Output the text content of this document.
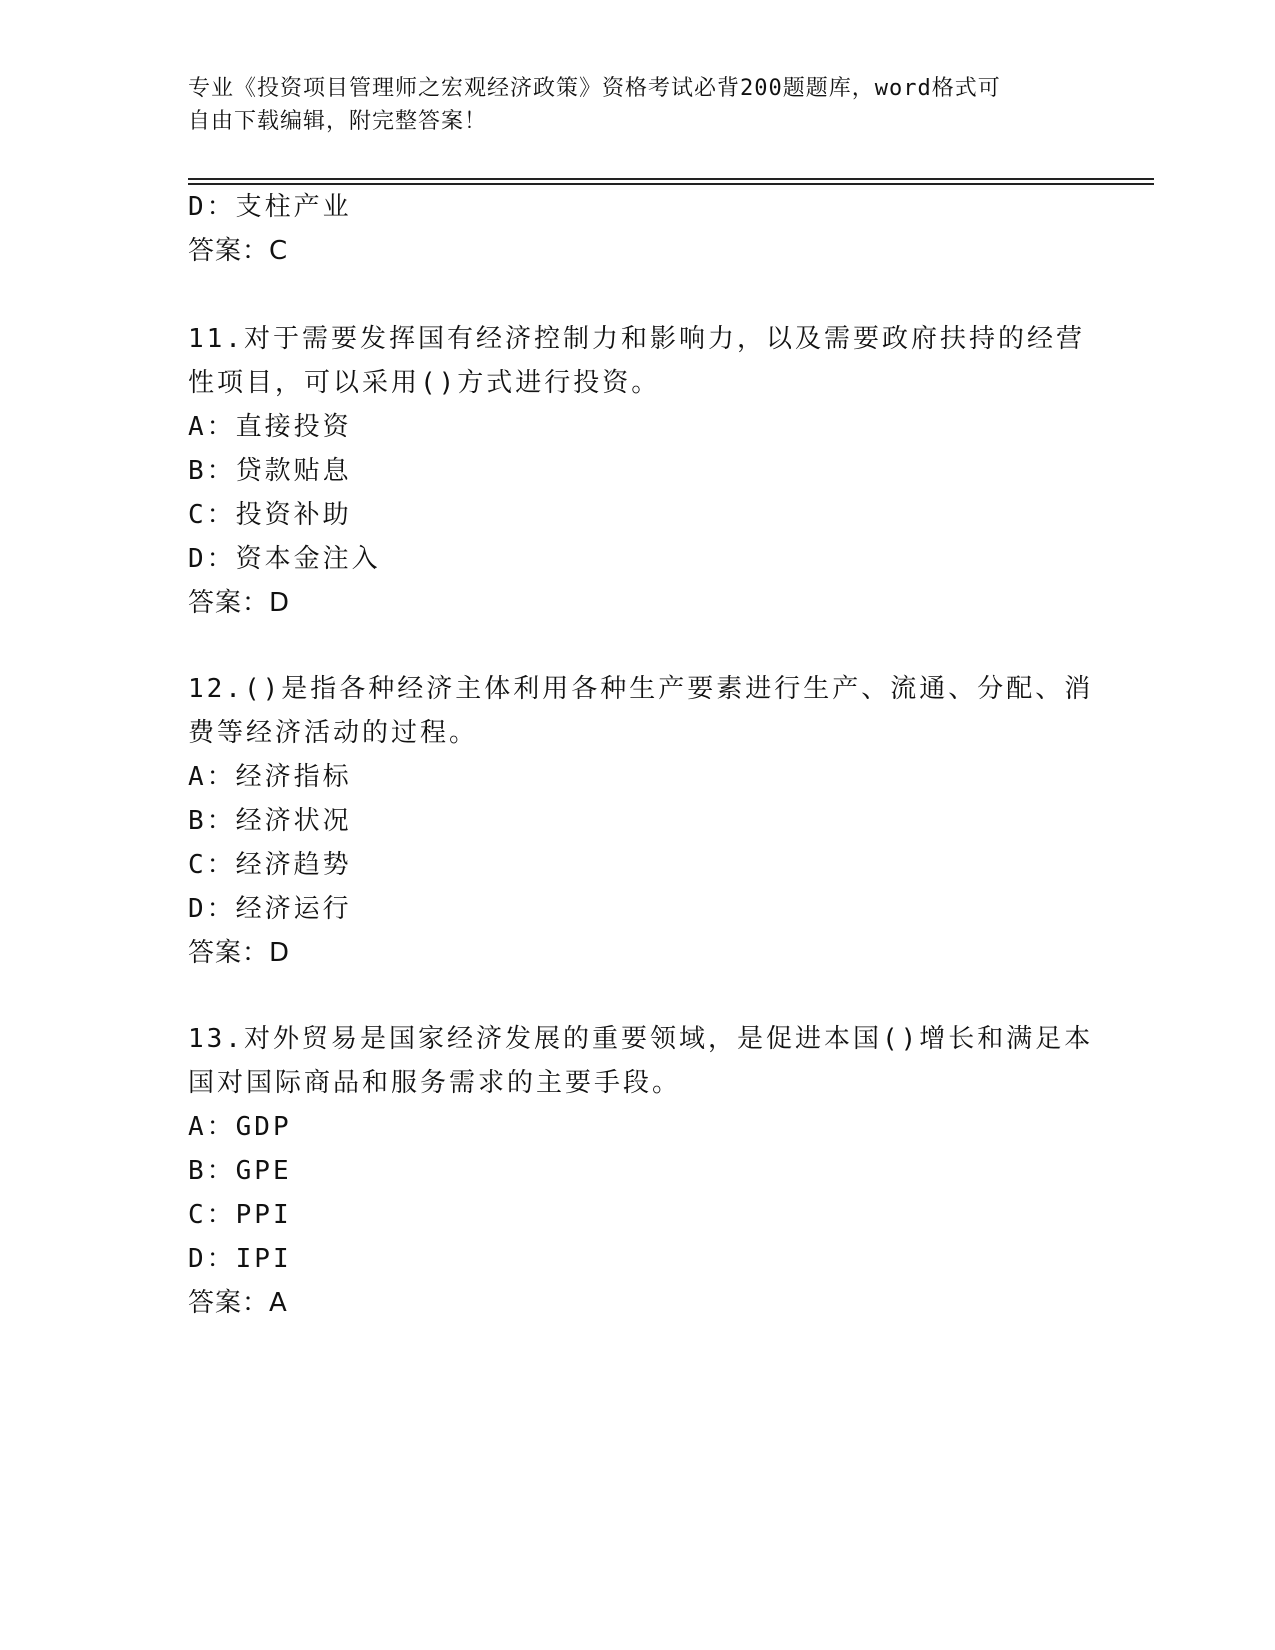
专业《投资项目管理师之宏观经济政策》资格考试必背200题题库，word格式可
自由下载编辑，附完整答案！
D：支柱产业
答案：C
11.对于需要发挥国有经济控制力和影响力，以及需要政府扶持的经营
性项目，可以采用()方式进行投资。
A：直接投资
B：贷款贴息
C：投资补助
D：资本金注入
答案：D
12.()是指各种经济主体利用各种生产要素进行生产、流通、分配、消
费等经济活动的过程。
A：经济指标
B：经济状况
C：经济趋势
D：经济运行
答案：D
13.对外贸易是国家经济发展的重要领域，是促进本国()增长和满足本
国对国际商品和服务需求的主要手段。
A：GDP
B：GPE
C：PPI
D：IPI
答案：A
